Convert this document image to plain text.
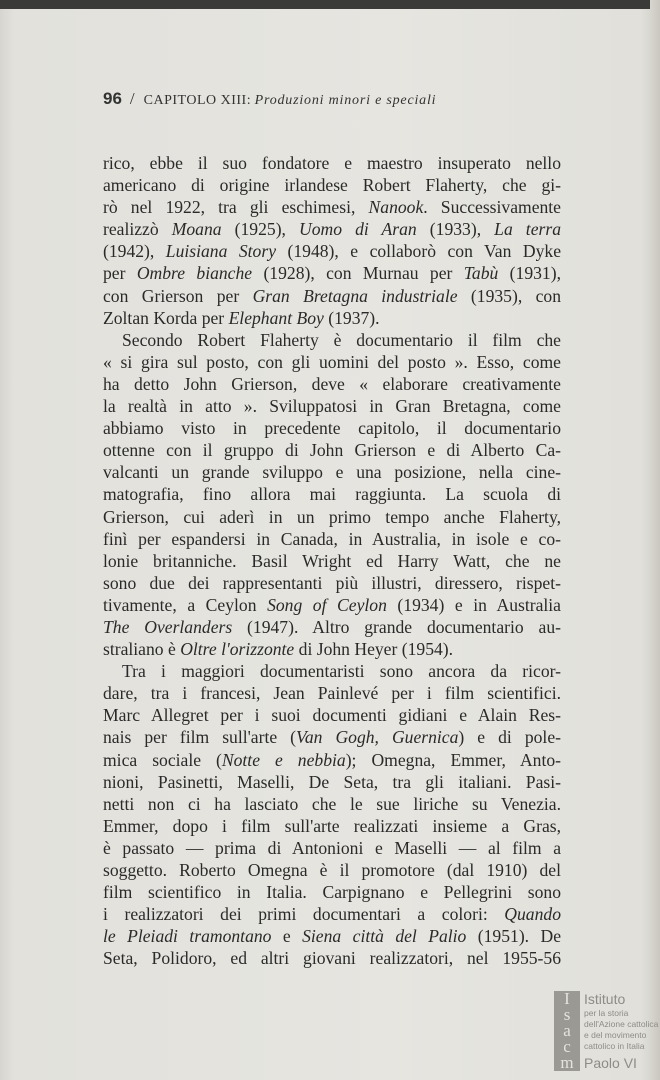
96 / CAPITOLO XIII: Produzioni minori e speciali
rico, ebbe il suo fondatore e maestro insuperato nello
americano di origine irlandese Robert Flaherty, che gi-
rò nel 1922, tra gli eschimesi, Nanook. Successivamente
realizzò Moana (1925), Uomo di Aran (1933), La terra
(1942), Luisiana Story (1948), e collaborò con Van Dyke
per Ombre bianche (1928), con Murnau per Tabù (1931),
con Grierson per Gran Bretagna industriale (1935), con
Zoltan Korda per Elephant Boy (1937).
Secondo Robert Flaherty è documentario il film che
« si gira sul posto, con gli uomini del posto ». Esso, come
ha detto John Grierson, deve « elaborare creativamente
la realtà in atto ». Sviluppatosi in Gran Bretagna, come
abbiamo visto in precedente capitolo, il documentario
ottenne con il gruppo di John Grierson e di Alberto Ca-
valcanti un grande sviluppo e una posizione, nella cine-
matografia, fino allora mai raggiunta. La scuola di
Grierson, cui aderì in un primo tempo anche Flaherty,
finì per espandersi in Canada, in Australia, in isole e co-
lonie britanniche. Basil Wright ed Harry Watt, che ne
sono due dei rappresentanti più illustri, diressero, rispet-
tivamente, a Ceylon Song of Ceylon (1934) e in Australia
The Overlanders (1947). Altro grande documentario au-
straliano è Oltre l'orizzonte di John Heyer (1954).
Tra i maggiori documentaristi sono ancora da ricor-
dare, tra i francesi, Jean Painlevé per i film scientifici.
Marc Allegret per i suoi documenti gidiani e Alain Res-
nais per film sull'arte (Van Gogh, Guernica) e di pole-
mica sociale (Notte e nebbia); Omegna, Emmer, Anto-
nioni, Pasinetti, Maselli, De Seta, tra gli italiani. Pasi-
netti non ci ha lasciato che le sue liriche su Venezia.
Emmer, dopo i film sull'arte realizzati insieme a Gras,
è passato — prima di Antonioni e Maselli — al film a
soggetto. Roberto Omegna è il promotore (dal 1910) del
film scientifico in Italia. Carpignano e Pellegrini sono
i realizzatori dei primi documentari a colori: Quando
le Pleiadi tramontano e Siena città del Palio (1951). De
Seta, Polidoro, ed altri giovani realizzatori, nel 1955-56
I
s
a
c
m
Istituto
per la storia
dell'Azione cattolica
e del movimento
cattolico in Italia
Paolo VI
